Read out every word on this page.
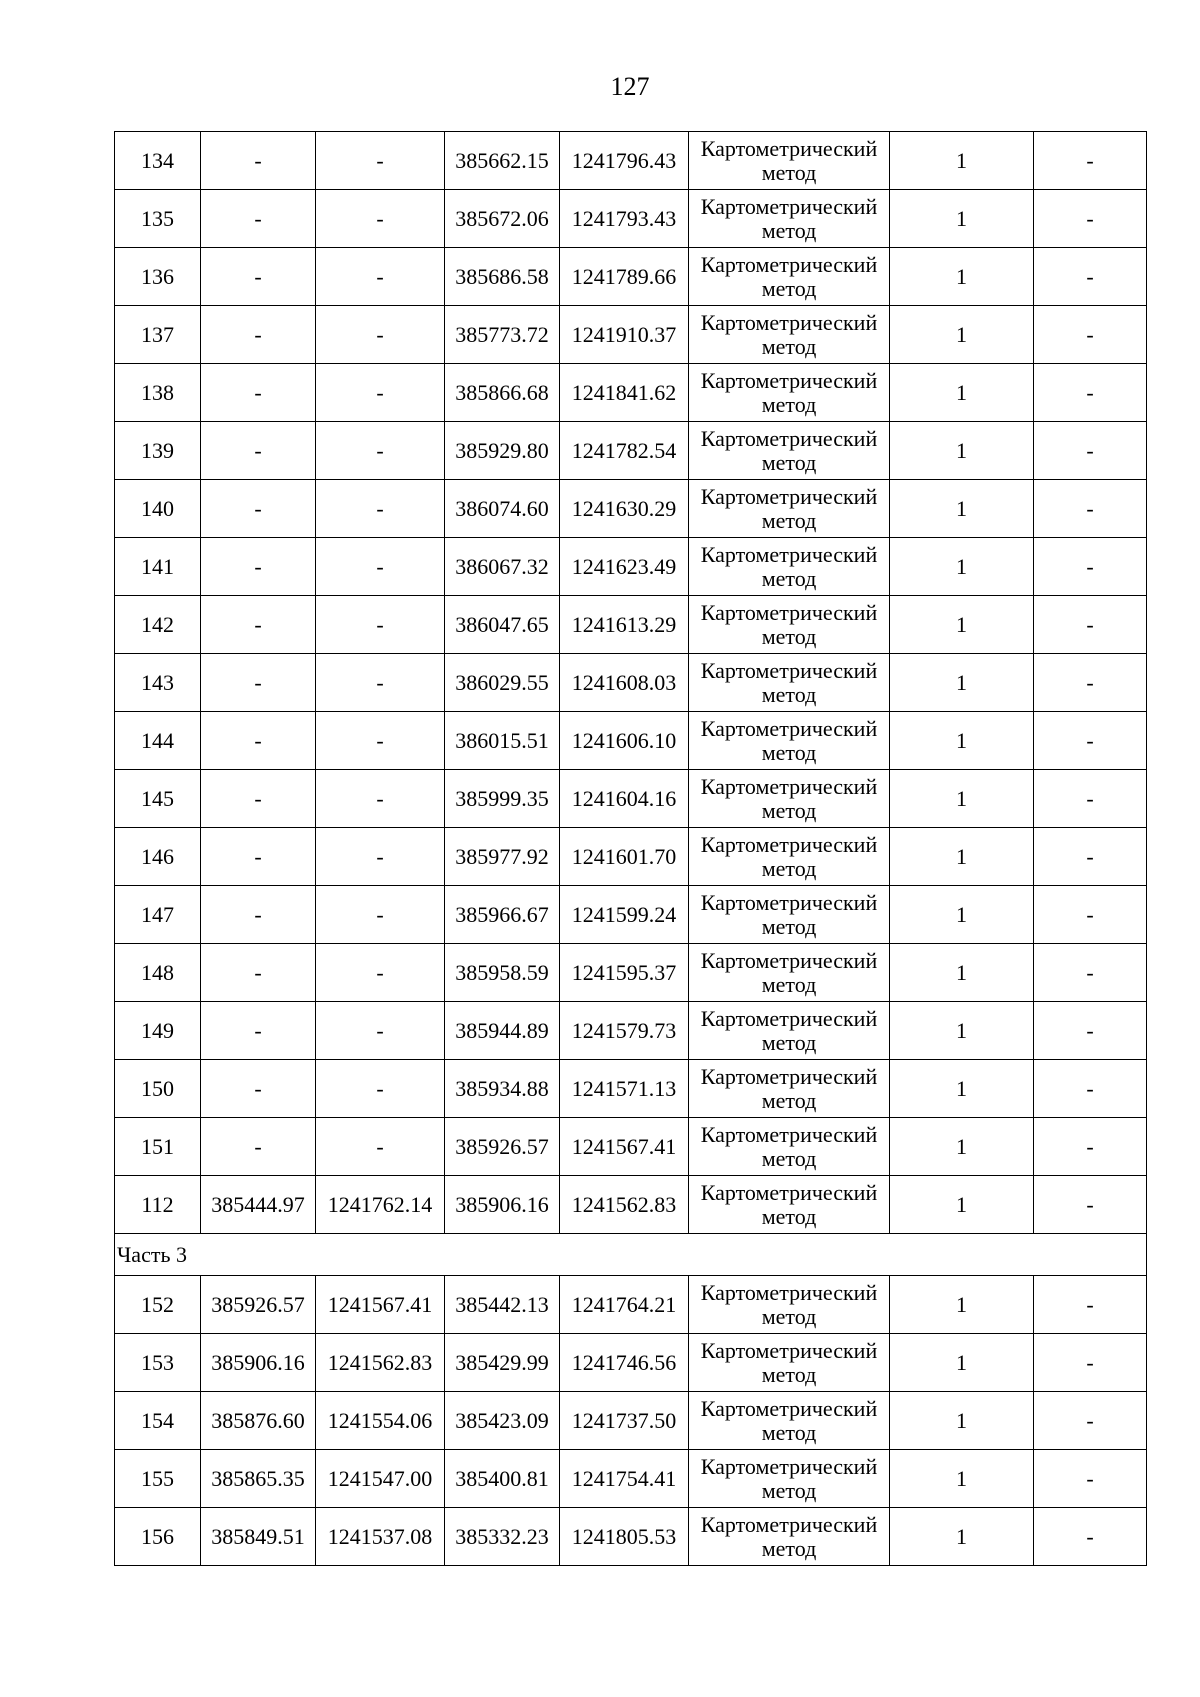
127
134	-	-	385662.15	1241796.43	Картометрический метод	1	-
135	-	-	385672.06	1241793.43	Картометрический метод	1	-
136	-	-	385686.58	1241789.66	Картометрический метод	1	-
137	-	-	385773.72	1241910.37	Картометрический метод	1	-
138	-	-	385866.68	1241841.62	Картометрический метод	1	-
139	-	-	385929.80	1241782.54	Картометрический метод	1	-
140	-	-	386074.60	1241630.29	Картометрический метод	1	-
141	-	-	386067.32	1241623.49	Картометрический метод	1	-
142	-	-	386047.65	1241613.29	Картометрический метод	1	-
143	-	-	386029.55	1241608.03	Картометрический метод	1	-
144	-	-	386015.51	1241606.10	Картометрический метод	1	-
145	-	-	385999.35	1241604.16	Картометрический метод	1	-
146	-	-	385977.92	1241601.70	Картометрический метод	1	-
147	-	-	385966.67	1241599.24	Картометрический метод	1	-
148	-	-	385958.59	1241595.37	Картометрический метод	1	-
149	-	-	385944.89	1241579.73	Картометрический метод	1	-
150	-	-	385934.88	1241571.13	Картометрический метод	1	-
151	-	-	385926.57	1241567.41	Картометрический метод	1	-
112	385444.97	1241762.14	385906.16	1241562.83	Картометрический метод	1	-
Часть 3							
152	385926.57	1241567.41	385442.13	1241764.21	Картометрический метод	1	-
153	385906.16	1241562.83	385429.99	1241746.56	Картометрический метод	1	-
154	385876.60	1241554.06	385423.09	1241737.50	Картометрический метод	1	-
155	385865.35	1241547.00	385400.81	1241754.41	Картометрический метод	1	-
156	385849.51	1241537.08	385332.23	1241805.53	Картометрический метод	1	-
